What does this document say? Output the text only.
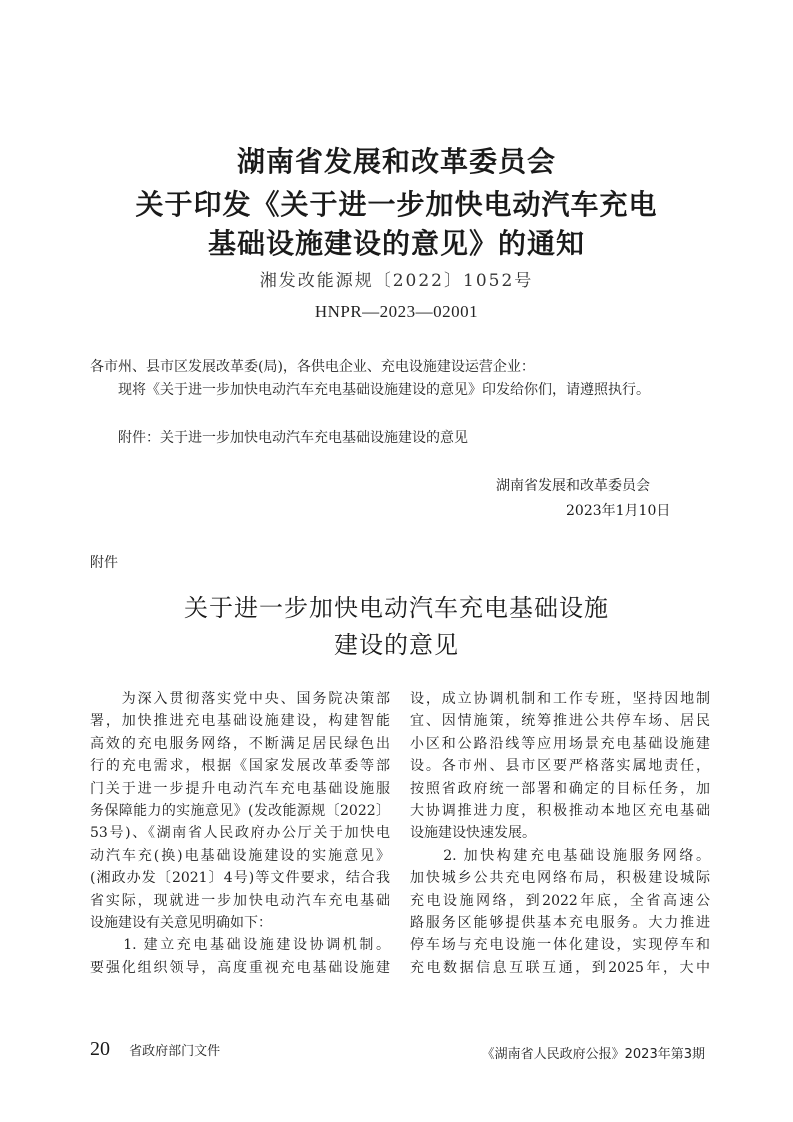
湖南省发展和改革委员会
关于印发《关于进一步加快电动汽车充电
基础设施建设的意见》的通知
湘发改能源规〔2022〕1052号
HNPR—2023—02001
各市州、县市区发展改革委(局)，各供电企业、充电设施建设运营企业：
现将《关于进一步加快电动汽车充电基础设施建设的意见》印发给你们，请遵照执行。
附件：关于进一步加快电动汽车充电基础设施建设的意见
湖南省发展和改革委员会
2023年1月10日
附件
关于进一步加快电动汽车充电基础设施
建设的意见
　　为深入贯彻落实党中央、国务院决策部
署，加快推进充电基础设施建设，构建智能
高效的充电服务网络，不断满足居民绿色出
行的充电需求，根据《国家发展改革委等部
门关于进一步提升电动汽车充电基础设施服
务保障能力的实施意见》(发改能源规〔2022〕
53号)、《湖南省人民政府办公厅关于加快电
动汽车充(换)电基础设施建设的实施意见》
(湘政办发〔2021〕4号)等文件要求，结合我
省实际，现就进一步加快电动汽车充电基础
设施建设有关意见明确如下：
　　1. 建立充电基础设施建设协调机制。
要强化组织领导，高度重视充电基础设施建
设，成立协调机制和工作专班，坚持因地制
宜、因情施策，统筹推进公共停车场、居民
小区和公路沿线等应用场景充电基础设施建
设。各市州、县市区要严格落实属地责任，
按照省政府统一部署和确定的目标任务，加
大协调推进力度，积极推动本地区充电基础
设施建设快速发展。
　　2. 加快构建充电基础设施服务网络。
加快城乡公共充电网络布局，积极建设城际
充电设施网络，到2022年底，全省高速公
路服务区能够提供基本充电服务。大力推进
停车场与充电设施一体化建设，实现停车和
充电数据信息互联互通，到2025年，大中
20 省政府部门文件	《湖南省人民政府公报》2023年第3期
